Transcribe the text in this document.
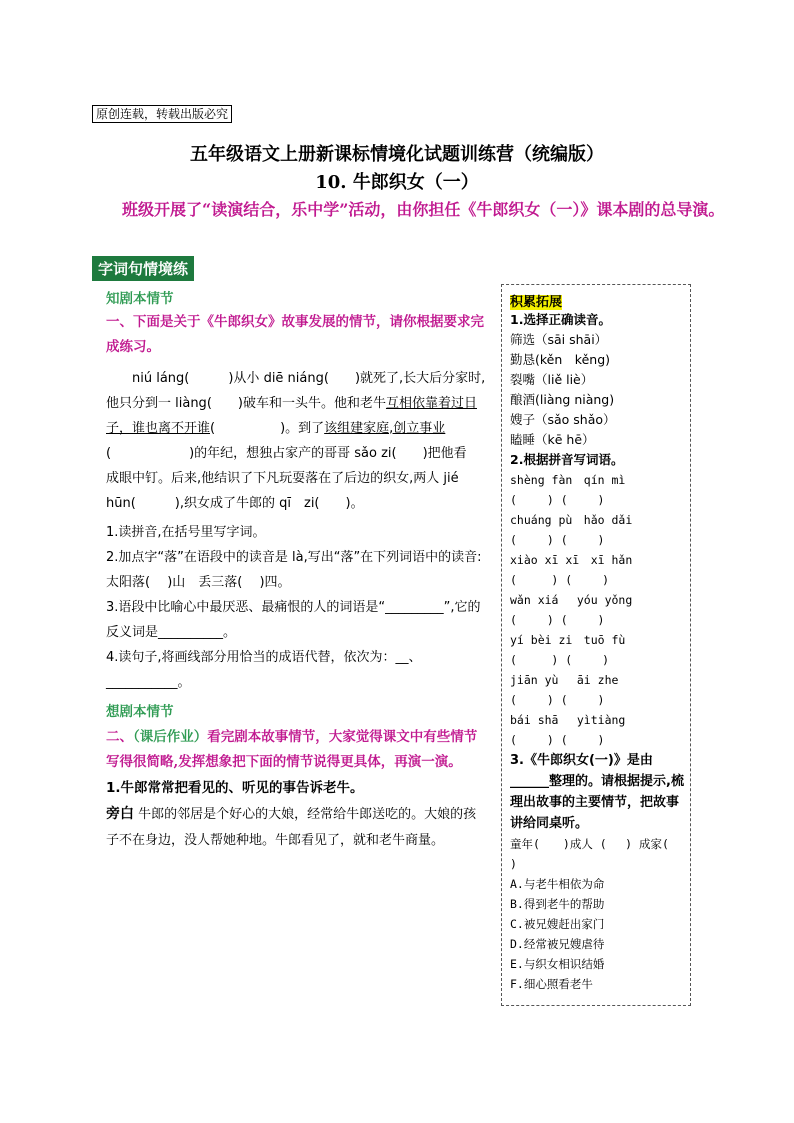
原创连载，转载出版必究
五年级语文上册新课标情境化试题训练营（统编版）
10. 牛郎织女（一）
班级开展了“读演结合，乐中学”活动，由你担任《牛郎织女（一）》课本剧的总导演。
字词句情境练
知剧本情节
一、下面是关于《牛郎织女》故事发展的情节，请你根据要求完成练习。
niú láng(　　　)从小 diē niáng(　　)就死了,长大后分家时,他只分到一 liàng(　　)破车和一头牛。他和老牛互相依靠着过日子，谁也离不开谁(　　　　　)。到了该组建家庭,创立事业(　　　　　　)的年纪，想独占家产的哥哥 sǎo zi(　　)把他看　成眼中钉。后来,他结识了下凡玩耍落在了后边的织女,两人 jié hūn(　　　),织女成了牛郎的 qī　zi(　　)。
1.读拼音,在括号里写字词。
2.加点字“落”在语段中的读音是 là,写出“落”在下列词语中的读音:太阳落(　 )山　丢三落(　 )四。
3.语段中比喻心中最厌恶、最痛恨的人的词语是“_________”,它的反义词是__________。
4.读句子,将画线部分用恰当的成语代替，依次为：__、___________。
想剧本情节
二、（课后作业）看完剧本故事情节，大家觉得课文中有些情节写得很简略,发挥想象把下面的情节说得更具体，再演一演。
1.牛郎常常把看见的、听见的事告诉老牛。
旁白 牛郎的邻居是个好心的大娘，经常给牛郎送吃的。大娘的孩子不在身边，没人帮她种地。牛郎看见了，就和老牛商量。
积累拓展
1.选择正确读音。
筛选（sāi shāi）
勤恳(kěn　kěng)
裂嘴（liě liè）
酿酒(liàng niàng)
嫂子（sǎo shǎo）
瞌睡（kē hē）
2.根据拼音写词语。
shèng fàn　qín mì
(　　 ) (　　 )
chuáng pù　hǎo dǎi
(　　 ) (　　 )
xiào xī xī　xī hǎn
(　　　) (　　 )
wǎn xiá　 yóu yǒng
(　　 ) (　　 )
yí bèi zi　tuō fù
(　　　) (　　 )
jiān yù　 āi zhe
(　　 ) (　　 )
bái shā　 yìtiàng
(　　 ) (　　 )
3.《牛郎织女(一)》是由______整理的。请根据提示,梳理出故事的主要情节，把故事讲给同桌听。
童年(　　)成人 (　 ) 成家(　 )
A.与老牛相依为命
B.得到老牛的帮助
C.被兄嫂赶出家门
D.经常被兄嫂虐待
E.与织女相识结婚
F.细心照看老牛
